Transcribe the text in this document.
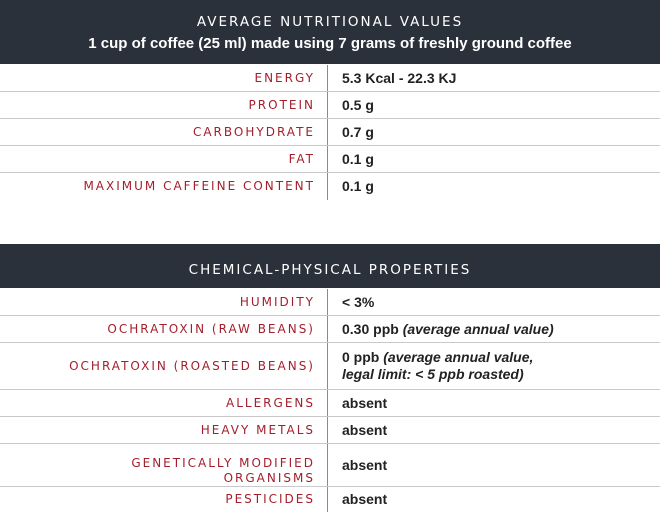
AVERAGE NUTRITIONAL VALUES
1 cup of coffee (25 ml) made using 7 grams of freshly ground coffee
ENERGY 5.3 Kcal - 22.3 KJ
PROTEIN 0.5 g
CARBOHYDRATE 0.7 g
FAT 0.1 g
MAXIMUM CAFFEINE CONTENT 0.1 g
CHEMICAL-PHYSICAL PROPERTIES
HUMIDITY < 3%
OCHRATOXIN (RAW BEANS) 0.30 ppb (average annual value)
OCHRATOXIN (ROASTED BEANS)
0 ppb (average annual value,
legal limit: < 5 ppb roasted)
ALLERGENS absent
HEAVY METALS absent
GENETICALLY MODIFIED
ORGANISMS
absent
PESTICIDES absent
